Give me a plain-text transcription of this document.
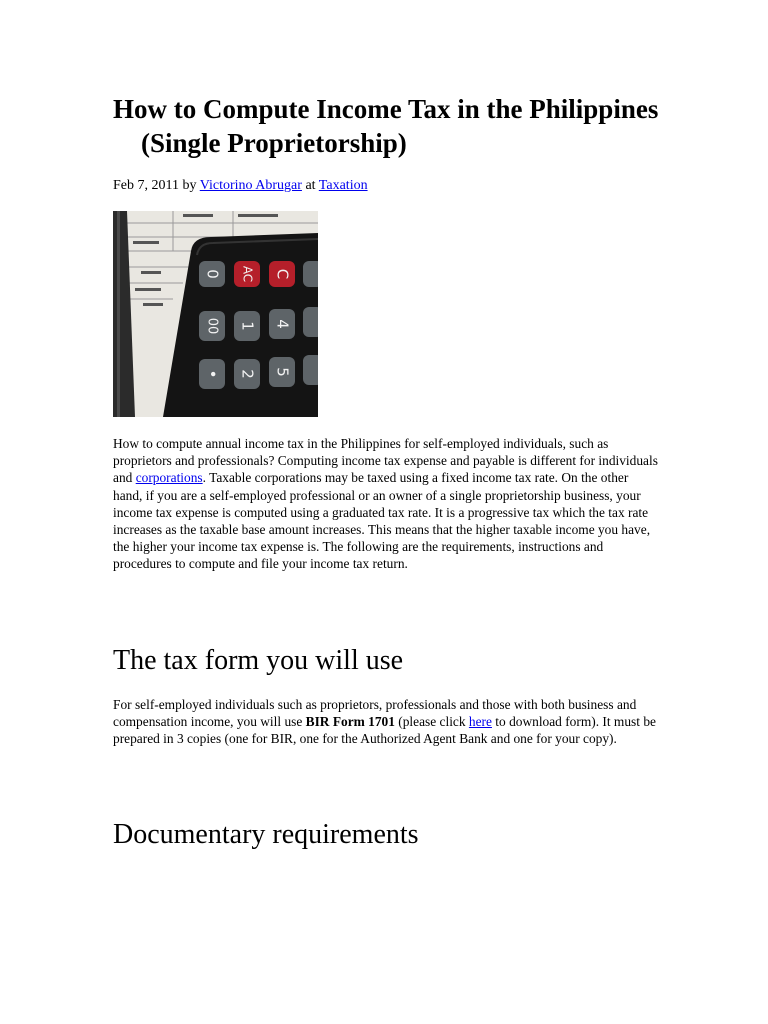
How to Compute Income Tax in the Philippines (Single Proprietorship)
Feb 7, 2011 by Victorino Abrugar at Taxation
0 AC C
00 1 4
• 2 5

How to compute annual income tax in the Philippines for self-employed individuals, such as proprietors and professionals? Computing income tax expense and payable is different for individuals and corporations. Taxable corporations may be taxed using a fixed income tax rate. On the other hand, if you are a self-employed professional or an owner of a single proprietorship business, your income tax expense is computed using a graduated tax rate. It is a progressive tax which the tax rate increases as the taxable base amount increases. This means that the higher taxable income you have, the higher your income tax expense is. The following are the requirements, instructions and procedures to compute and file your income tax return.

The tax form you will use

For self-employed individuals such as proprietors, professionals and those with both business and compensation income, you will use BIR Form 1701 (please click here to download form). It must be prepared in 3 copies (one for BIR, one for the Authorized Agent Bank and one for your copy).

Documentary requirements
